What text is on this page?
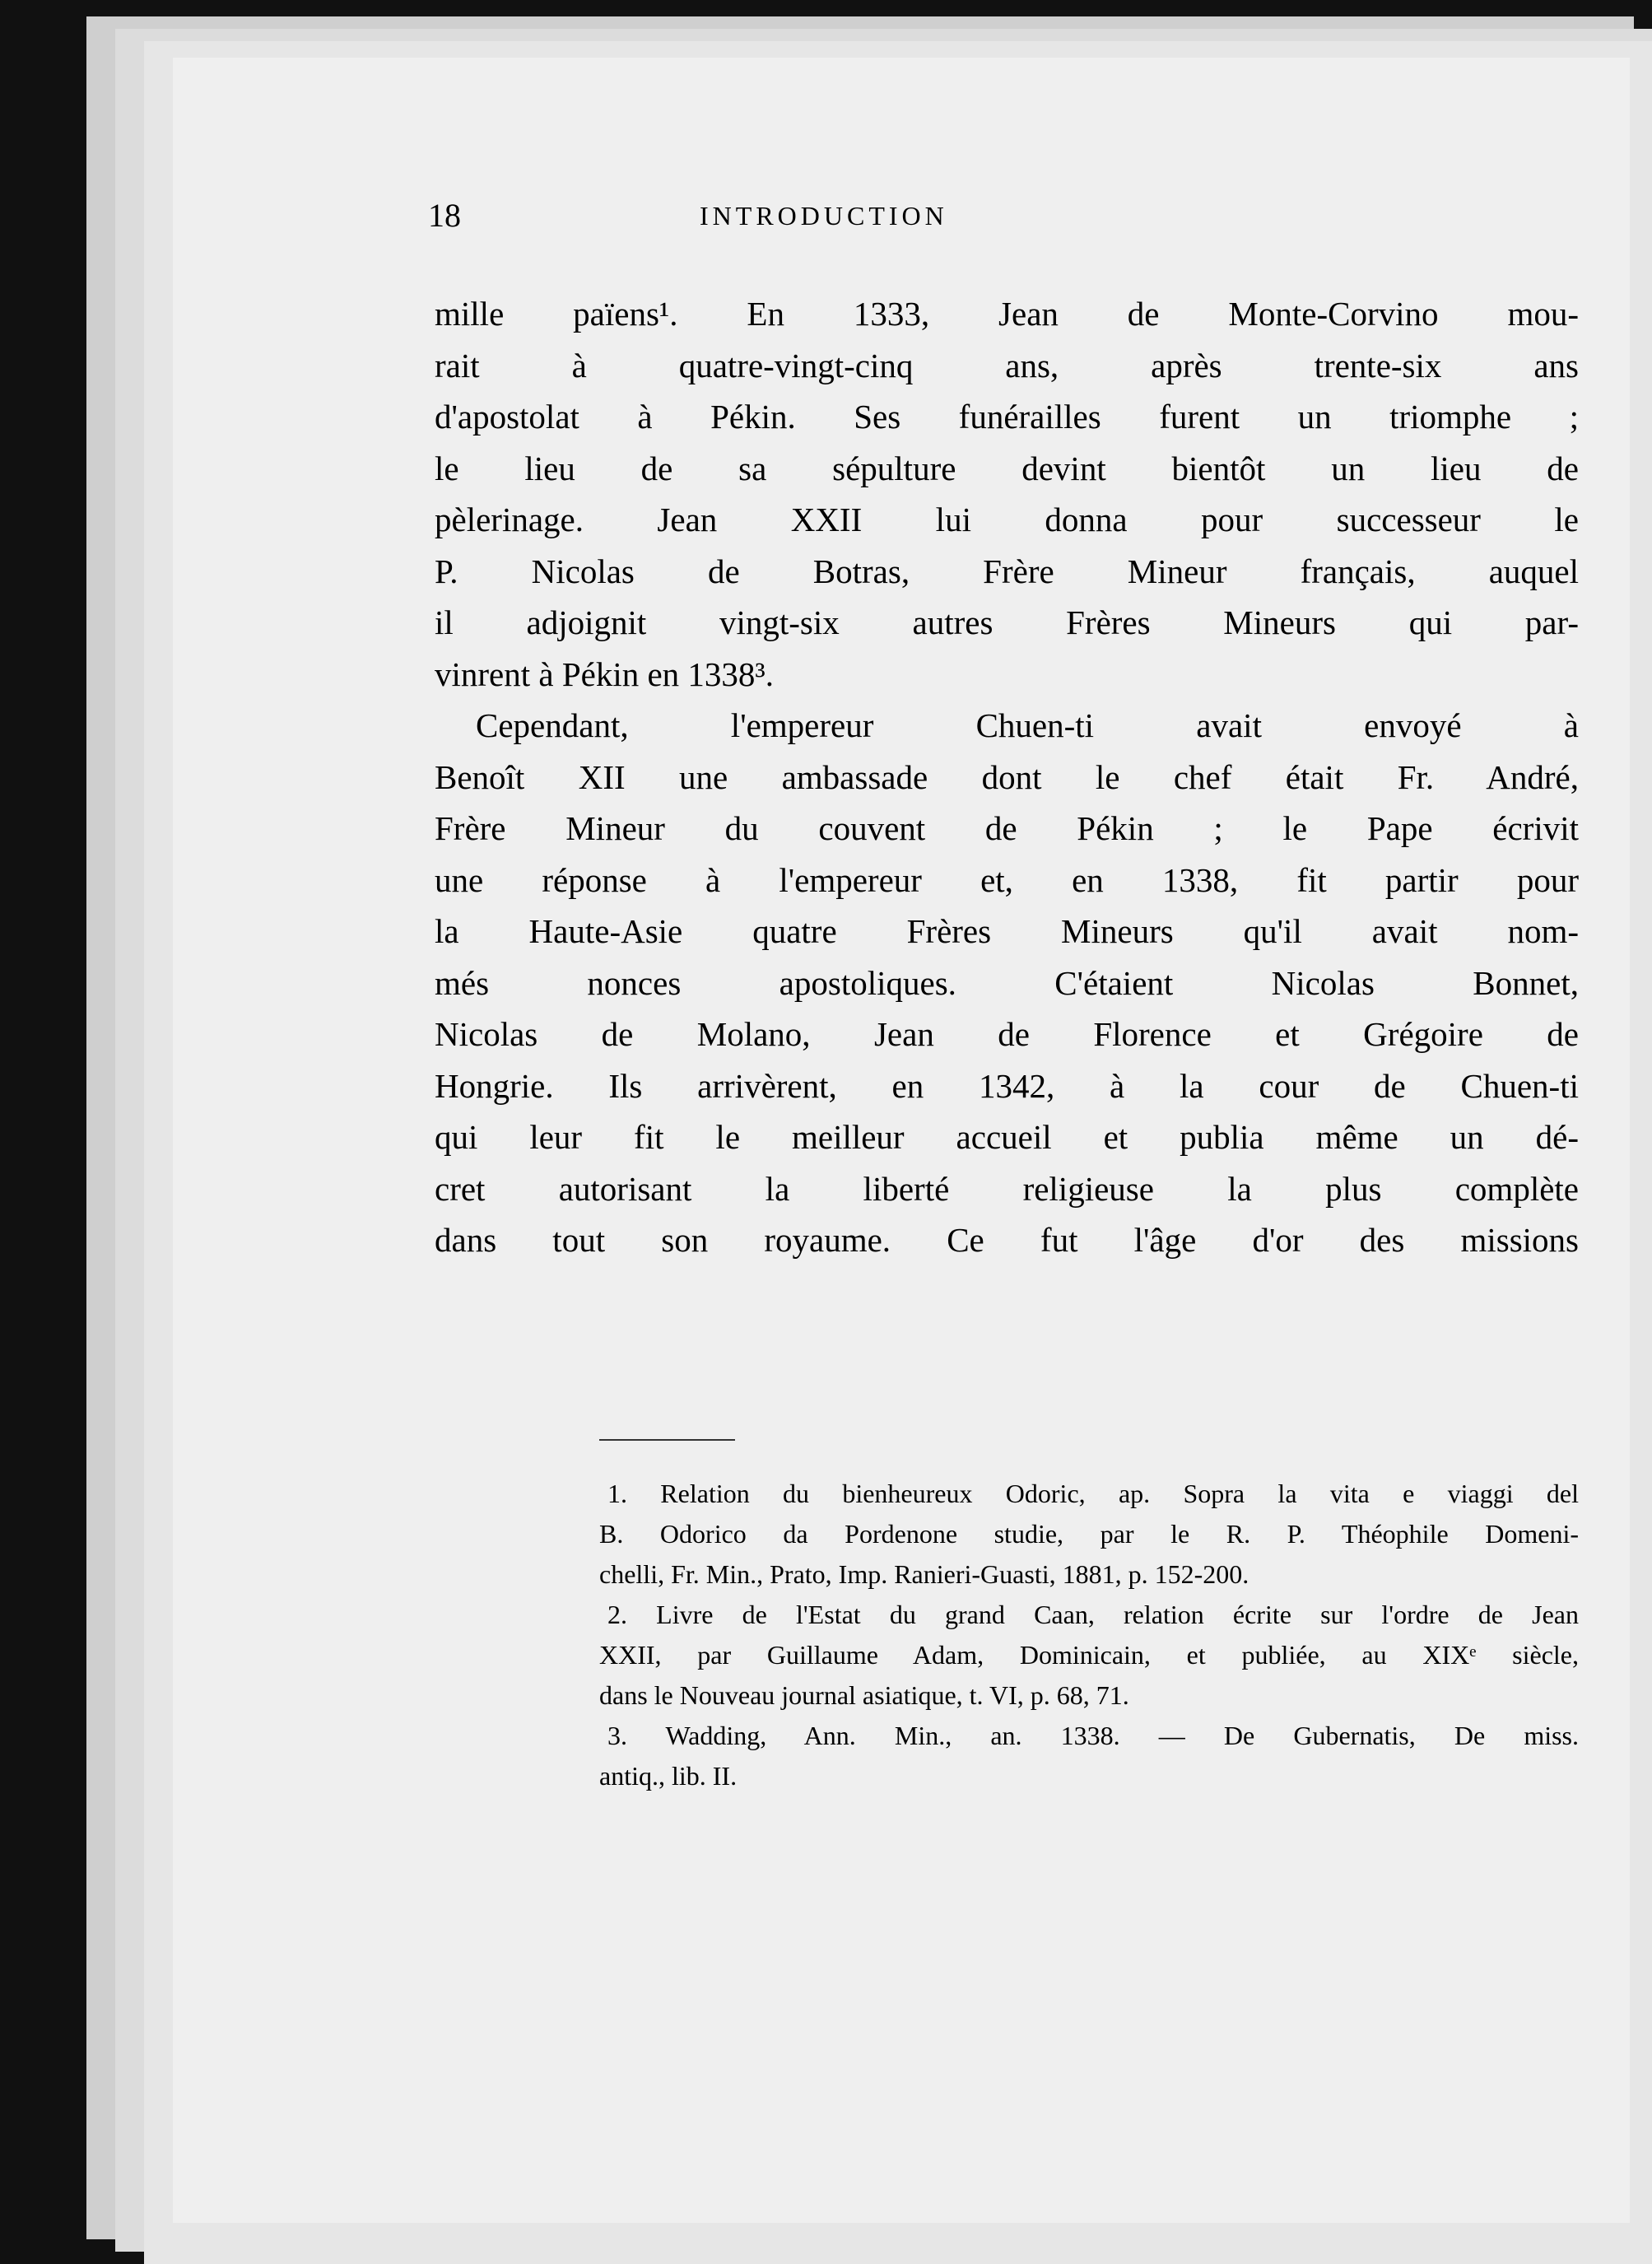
18	INTRODUCTION

mille païens¹. En 1333, Jean de Monte-Corvino mou-
rait à quatre-vingt-cinq ans, après trente-six ans
d'apostolat à Pékin. Ses funérailles furent un triomphe ;
le lieu de sa sépulture devint bientôt un lieu de
pèlerinage. Jean XXII lui donna pour successeur le
P. Nicolas de Botras, Frère Mineur français, auquel
il adjoignit vingt-six autres Frères Mineurs qui par-
vinrent à Pékin en 1338³.

Cependant, l'empereur Chuen-ti avait envoyé à
Benoît XII une ambassade dont le chef était Fr. André,
Frère Mineur du couvent de Pékin ; le Pape écrivit
une réponse à l'empereur et, en 1338, fit partir pour
la Haute-Asie quatre Frères Mineurs qu'il avait nom-
més nonces apostoliques. C'étaient Nicolas Bonnet,
Nicolas de Molano, Jean de Florence et Grégoire de
Hongrie. Ils arrivèrent, en 1342, à la cour de Chuen-ti
qui leur fit le meilleur accueil et publia même un dé-
cret autorisant la liberté religieuse la plus complète
dans tout son royaume. Ce fut l'âge d'or des missions

1. Relation du bienheureux Odoric, ap. Sopra la vita e viaggi del
B. Odorico da Pordenone studie, par le R. P. Théophile Domeni-
chelli, Fr. Min., Prato, Imp. Ranieri-Guasti, 1881, p. 152-200.
2. Livre de l'Estat du grand Caan, relation écrite sur l'ordre de Jean
XXII, par Guillaume Adam, Dominicain, et publiée, au XIXᵉ siècle,
dans le Nouveau journal asiatique, t. VI, p. 68, 71.
3. Wadding, Ann. Min., an. 1338. — De Gubernatis, De miss.
antiq., lib. II.
